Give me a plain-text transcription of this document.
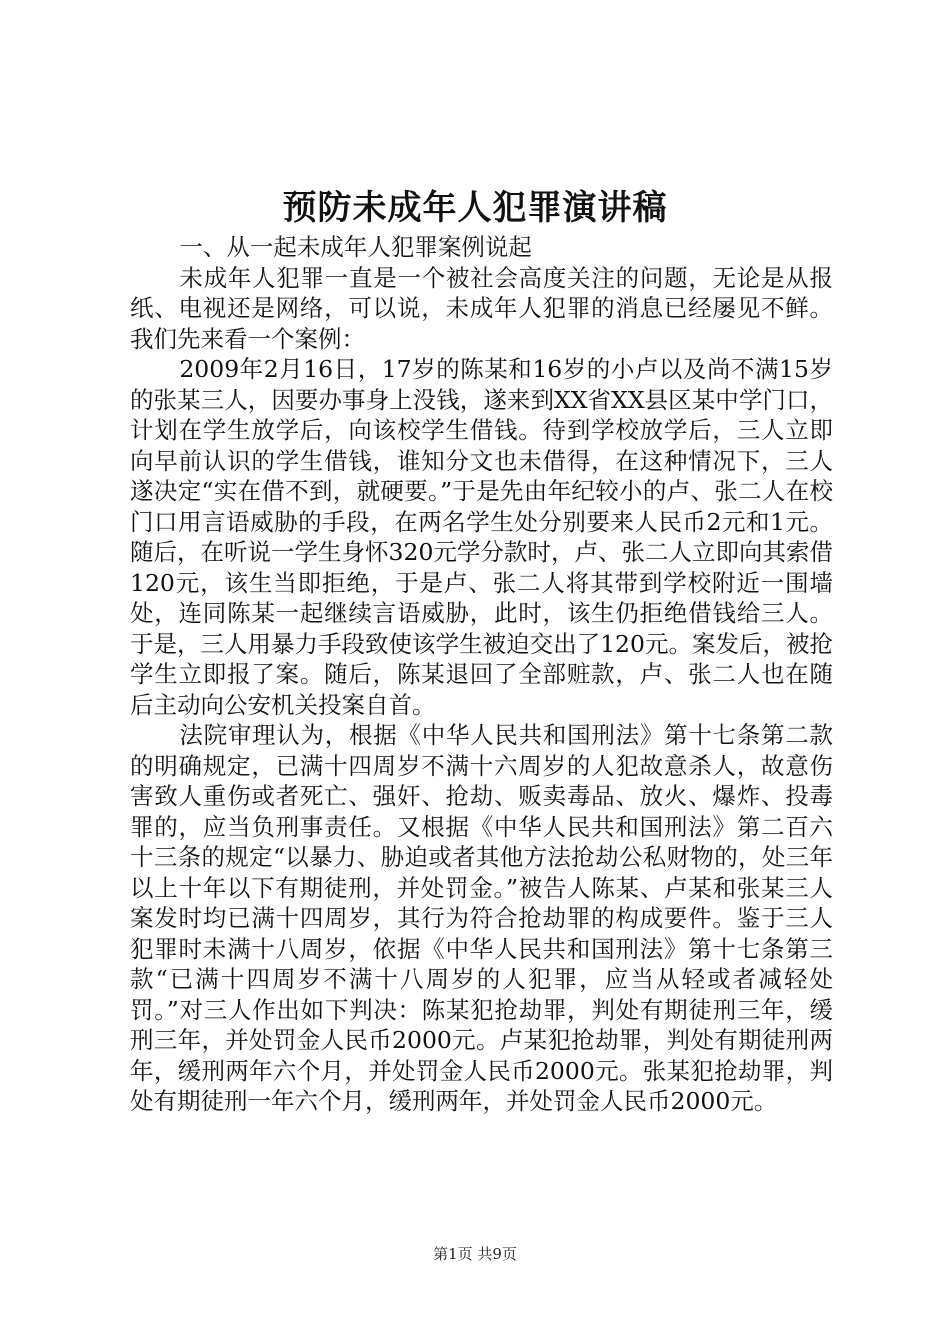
预防未成年人犯罪演讲稿

一、从一起未成年人犯罪案例说起

未成年人犯罪一直是一个被社会高度关注的问题，无论是从报纸、电视还是网络，可以说，未成年人犯罪的消息已经屡见不鲜。我们先来看一个案例：

2009年2月16日，17岁的陈某和16岁的小卢以及尚不满15岁的张某三人，因要办事身上没钱，遂来到XX省XX县区某中学门口，计划在学生放学后，向该校学生借钱。待到学校放学后，三人立即向早前认识的学生借钱，谁知分文也未借得，在这种情况下，三人遂决定“实在借不到，就硬要。”于是先由年纪较小的卢、张二人在校门口用言语威胁的手段，在两名学生处分别要来人民币2元和1元。随后，在听说一学生身怀320元学分款时，卢、张二人立即向其索借120元，该生当即拒绝，于是卢、张二人将其带到学校附近一围墙处，连同陈某一起继续言语威胁，此时，该生仍拒绝借钱给三人。于是，三人用暴力手段致使该学生被迫交出了120元。案发后，被抢学生立即报了案。随后，陈某退回了全部赃款，卢、张二人也在随后主动向公安机关投案自首。

法院审理认为，根据《中华人民共和国刑法》第十七条第二款的明确规定，已满十四周岁不满十六周岁的人犯故意杀人，故意伤害致人重伤或者死亡、强奸、抢劫、贩卖毒品、放火、爆炸、投毒罪的，应当负刑事责任。又根据《中华人民共和国刑法》第二百六十三条的规定“以暴力、胁迫或者其他方法抢劫公私财物的，处三年以上十年以下有期徒刑，并处罚金。”被告人陈某、卢某和张某三人案发时均已满十四周岁，其行为符合抢劫罪的构成要件。鉴于三人犯罪时未满十八周岁，依据《中华人民共和国刑法》第十七条第三款“已满十四周岁不满十八周岁的人犯罪，应当从轻或者减轻处罚。”对三人作出如下判决：陈某犯抢劫罪，判处有期徒刑三年，缓刑三年，并处罚金人民币2000元。卢某犯抢劫罪，判处有期徒刑两年，缓刑两年六个月，并处罚金人民币2000元。张某犯抢劫罪，判处有期徒刑一年六个月，缓刑两年，并处罚金人民币2000元。

第1页 共9页
